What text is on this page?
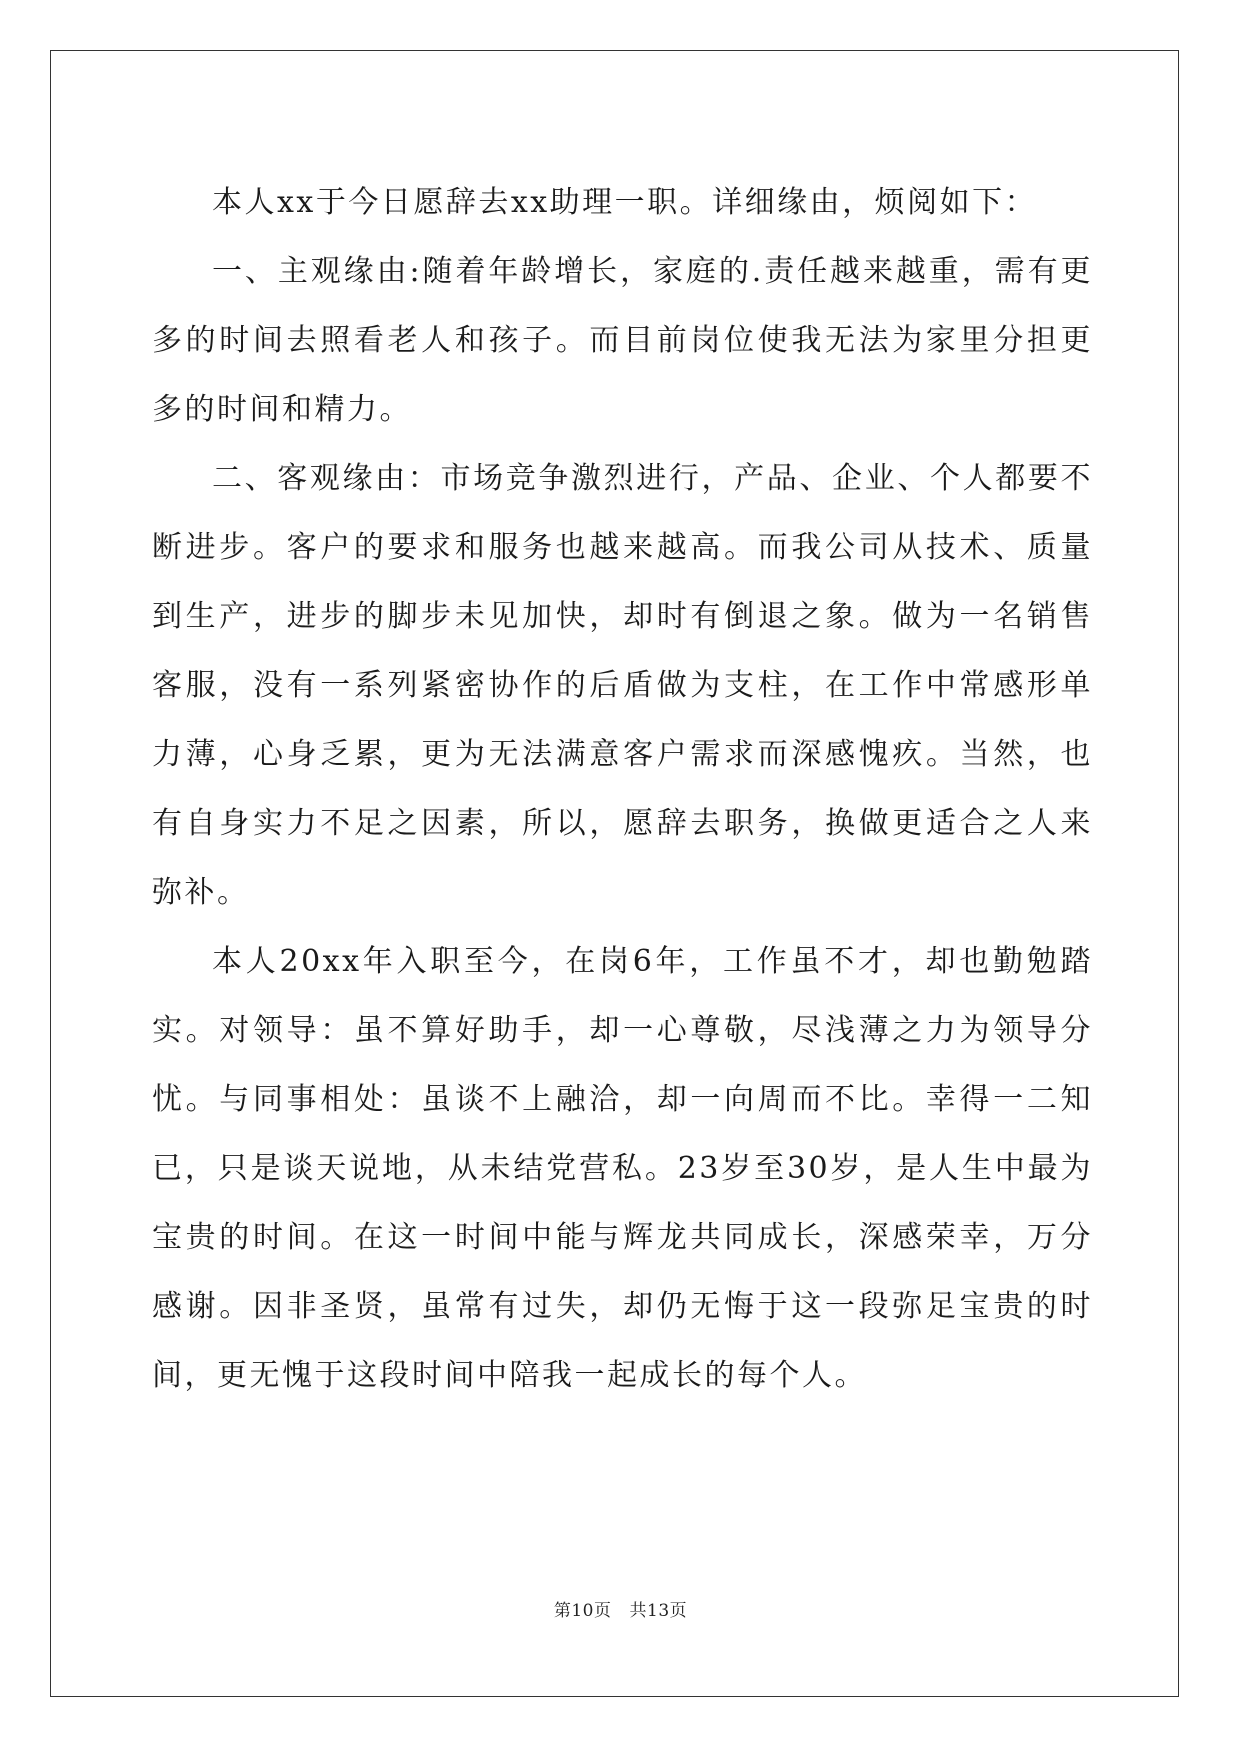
本人xx于今日愿辞去xx助理一职。详细缘由，烦阅如下：

一、主观缘由:随着年龄增长，家庭的.责任越来越重，需有更多的时间去照看老人和孩子。而目前岗位使我无法为家里分担更多的时间和精力。

二、客观缘由：市场竞争激烈进行，产品、企业、个人都要不断进步。客户的要求和服务也越来越高。而我公司从技术、质量到生产，进步的脚步未见加快，却时有倒退之象。做为一名销售客服，没有一系列紧密协作的后盾做为支柱，在工作中常感形单力薄，心身乏累，更为无法满意客户需求而深感愧疚。当然，也有自身实力不足之因素，所以，愿辞去职务，换做更适合之人来弥补。

本人20xx年入职至今，在岗6年，工作虽不才，却也勤勉踏实。对领导：虽不算好助手，却一心尊敬，尽浅薄之力为领导分忧。与同事相处：虽谈不上融洽，却一向周而不比。幸得一二知已，只是谈天说地，从未结党营私。23岁至30岁，是人生中最为宝贵的时间。在这一时间中能与辉龙共同成长，深感荣幸，万分感谢。因非圣贤，虽常有过失，却仍无悔于这一段弥足宝贵的时间，更无愧于这段时间中陪我一起成长的每个人。

第10页 共13页
